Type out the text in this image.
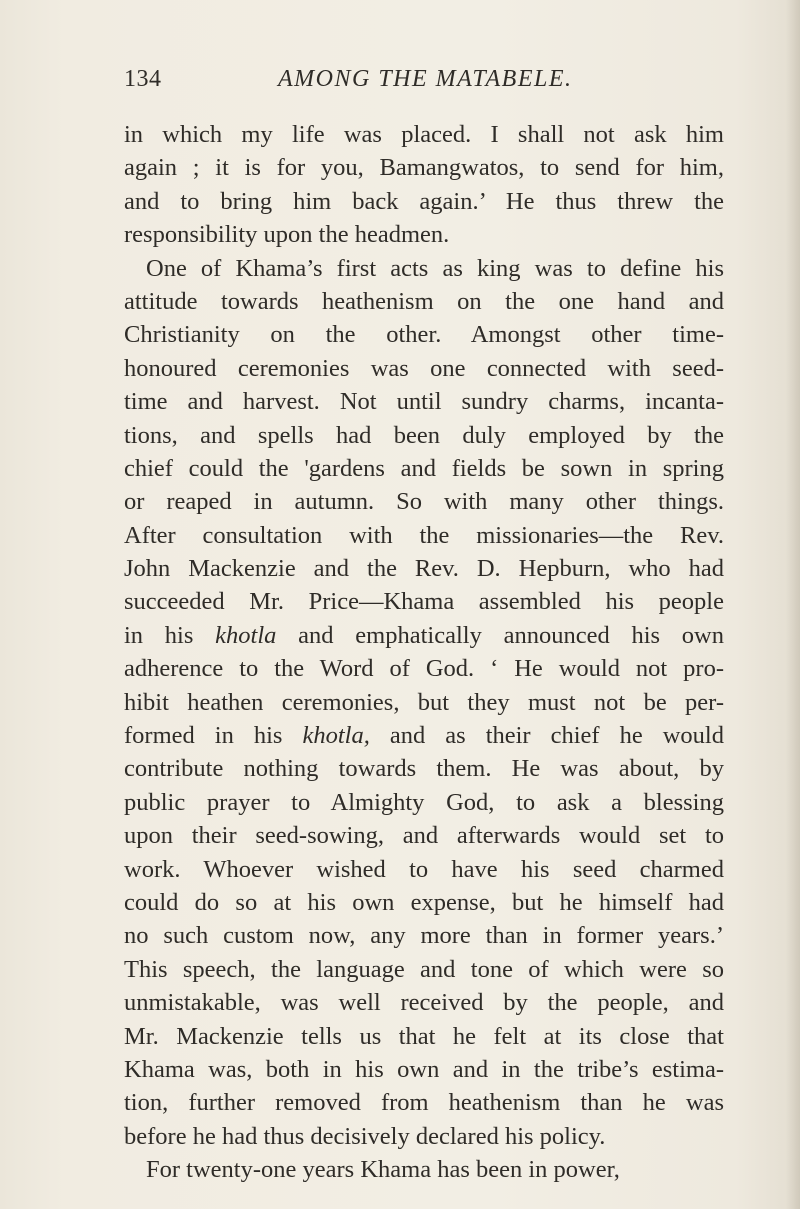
134	AMONG THE MATABELE.
in which my life was placed. I shall not ask him
again ; it is for you, Bamangwatos, to send for him,
and to bring him back again.’ He thus threw the
responsibility upon the headmen.
One of Khama’s first acts as king was to define his
attitude towards heathenism on the one hand and
Christianity on the other. Amongst other time-
honoured ceremonies was one connected with seed-
time and harvest. Not until sundry charms, incanta-
tions, and spells had been duly employed by the
chief could the 'gardens and fields be sown in spring
or reaped in autumn. So with many other things.
After consultation with the missionaries—the Rev.
John Mackenzie and the Rev. D. Hepburn, who had
succeeded Mr. Price—Khama assembled his people
in his khotla and emphatically announced his own
adherence to the Word of God. ‘ He would not pro-
hibit heathen ceremonies, but they must not be per-
formed in his khotla, and as their chief he would
contribute nothing towards them. He was about, by
public prayer to Almighty God, to ask a blessing
upon their seed-sowing, and afterwards would set to
work. Whoever wished to have his seed charmed
could do so at his own expense, but he himself had
no such custom now, any more than in former years.’
This speech, the language and tone of which were so
unmistakable, was well received by the people, and
Mr. Mackenzie tells us that he felt at its close that
Khama was, both in his own and in the tribe’s estima-
tion, further removed from heathenism than he was
before he had thus decisively declared his policy.
For twenty-one years Khama has been in power,
